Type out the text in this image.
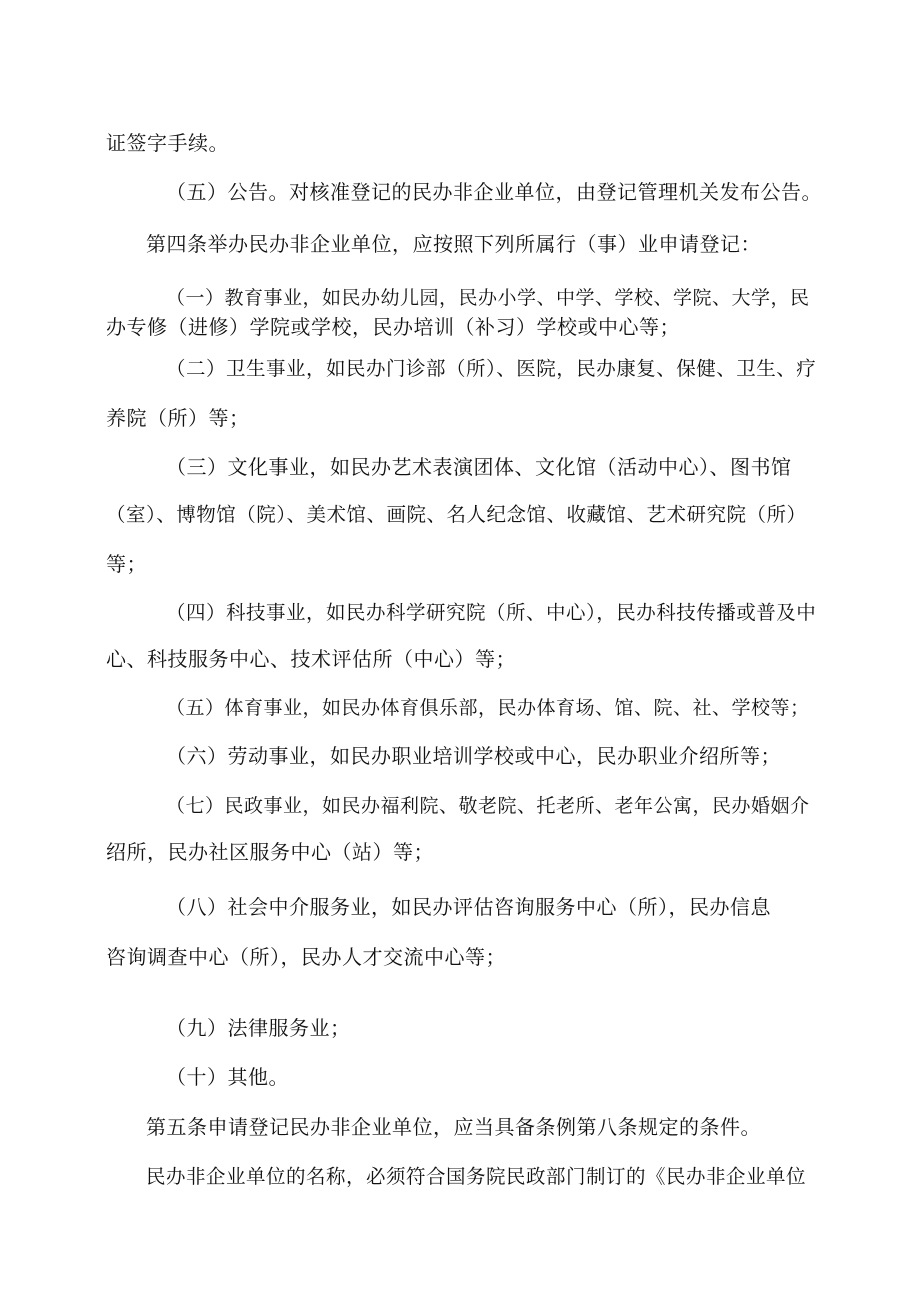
证签字手续。
（五）公告。对核准登记的民办非企业单位，由登记管理机关发布公告。
第四条举办民办非企业单位，应按照下列所属行（事）业申请登记：
（一）教育事业，如民办幼儿园，民办小学、中学、学校、学院、大学，民
办专修（进修）学院或学校，民办培训（补习）学校或中心等；
（二）卫生事业，如民办门诊部（所）、医院，民办康复、保健、卫生、疗
养院（所）等；
（三）文化事业，如民办艺术表演团体、文化馆（活动中心）、图书馆
（室）、博物馆（院）、美术馆、画院、名人纪念馆、收藏馆、艺术研究院（所）
等；
（四）科技事业，如民办科学研究院（所、中心），民办科技传播或普及中
心、科技服务中心、技术评估所（中心）等；
（五）体育事业，如民办体育俱乐部，民办体育场、馆、院、社、学校等；
（六）劳动事业，如民办职业培训学校或中心，民办职业介绍所等；
（七）民政事业，如民办福利院、敬老院、托老所、老年公寓，民办婚姻介
绍所，民办社区服务中心（站）等；
（八）社会中介服务业，如民办评估咨询服务中心（所），民办信息
咨询调查中心（所），民办人才交流中心等；
（九）法律服务业；
（十）其他。
第五条申请登记民办非企业单位，应当具备条例第八条规定的条件。
民办非企业单位的名称，必须符合国务院民政部门制订的《民办非企业单位
